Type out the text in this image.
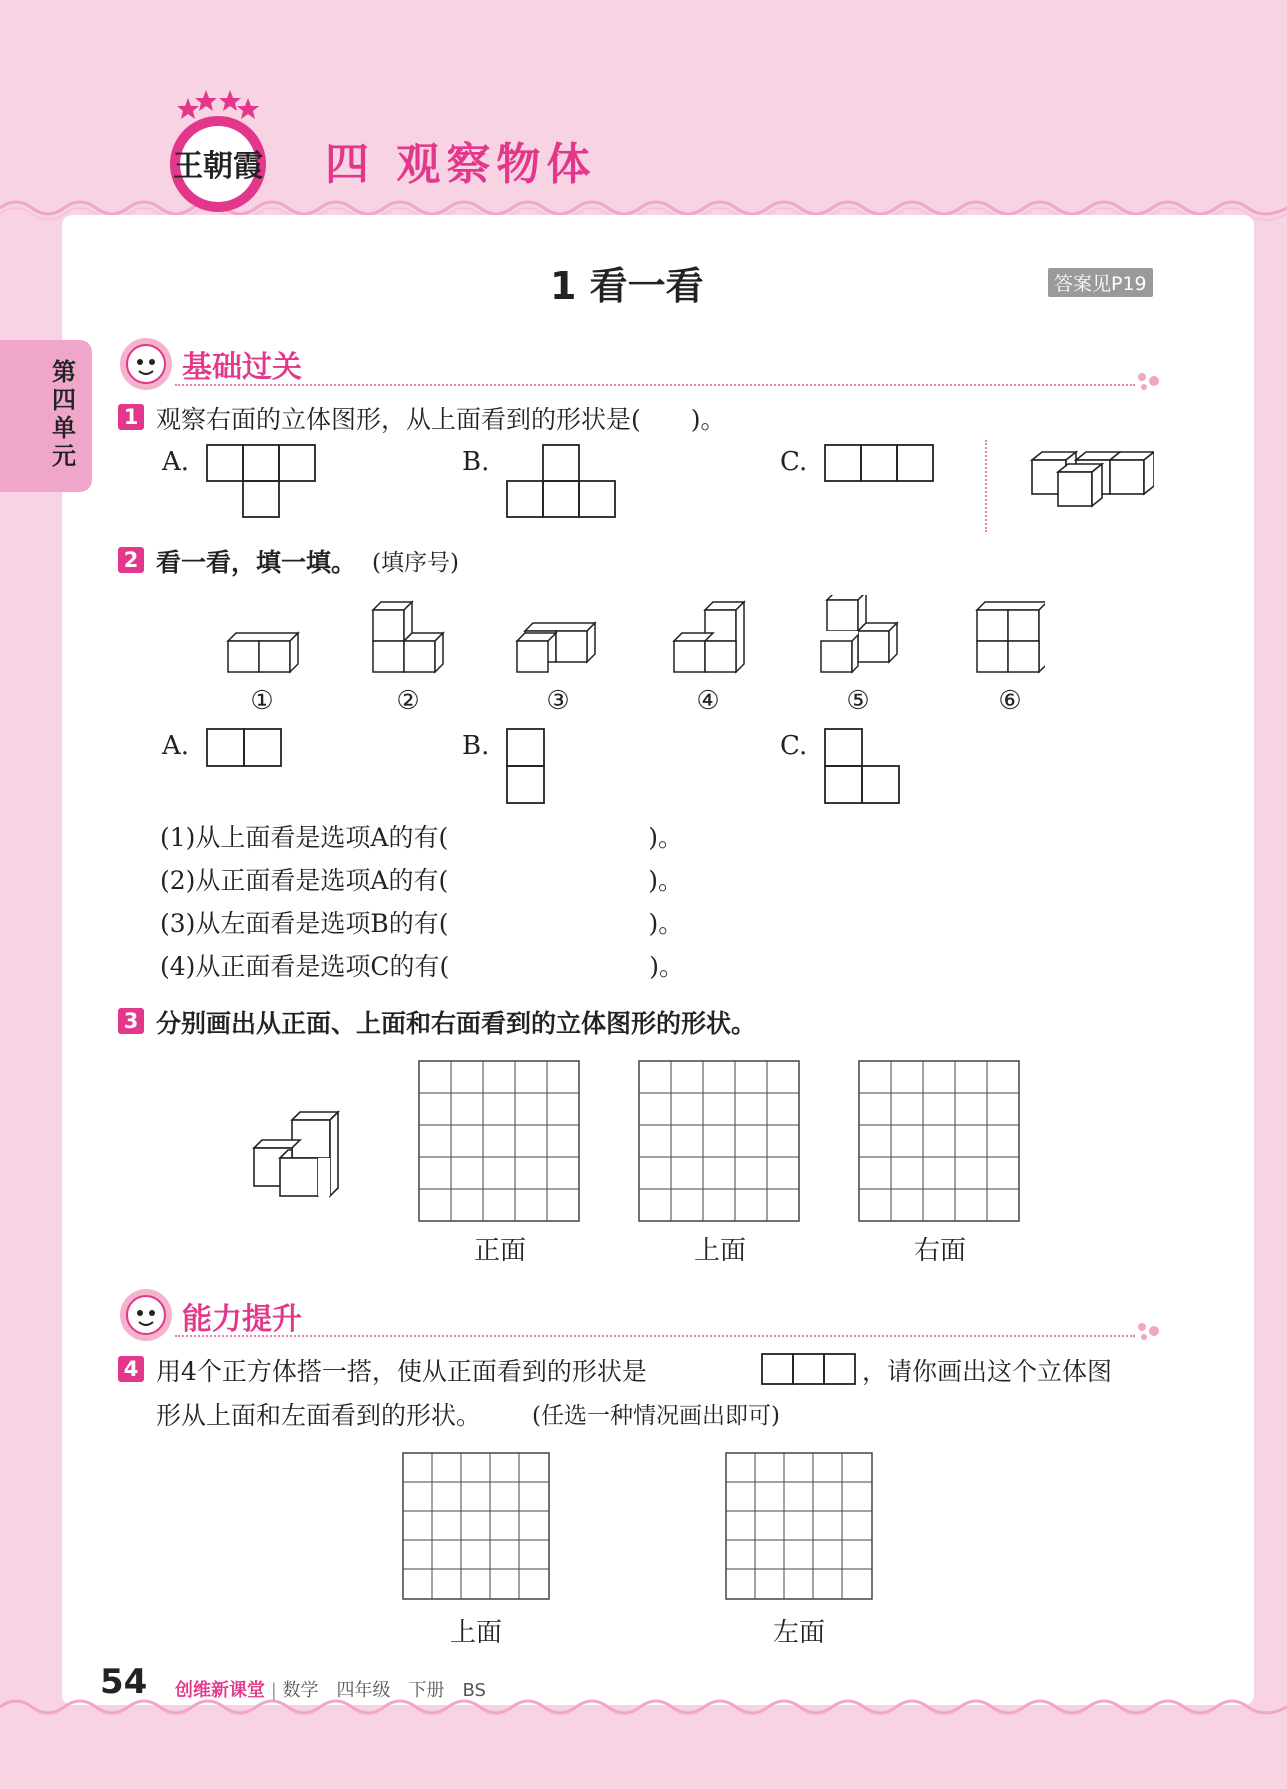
王朝霞 四 观察物体
第四单元
1 看一看	答案见P19
基础过关
1 观察右面的立体图形，从上面看到的形状是(　　)。
A.	B.	C.
2 看一看，填一填。 (填序号)
①	②	③	④	⑤	⑥
A.	B.	C.
(1)从上面看是选项A的有(　　　　　　　　)。
(2)从正面看是选项A的有(　　　　　　　　)。
(3)从左面看是选项B的有(　　　　　　　　)。
(4)从正面看是选项C的有(　　　　　　　　)。
3 分别画出从正面、上面和右面看到的立体图形的形状。
正面	上面	右面
能力提升
4 用4个正方体搭一搭，使从正面看到的形状是	，请你画出这个立体图
形从上面和左面看到的形状。 (任选一种情况画出即可)
上面	左面
54 创维新课堂 | 数学　四年级　下册　BS
